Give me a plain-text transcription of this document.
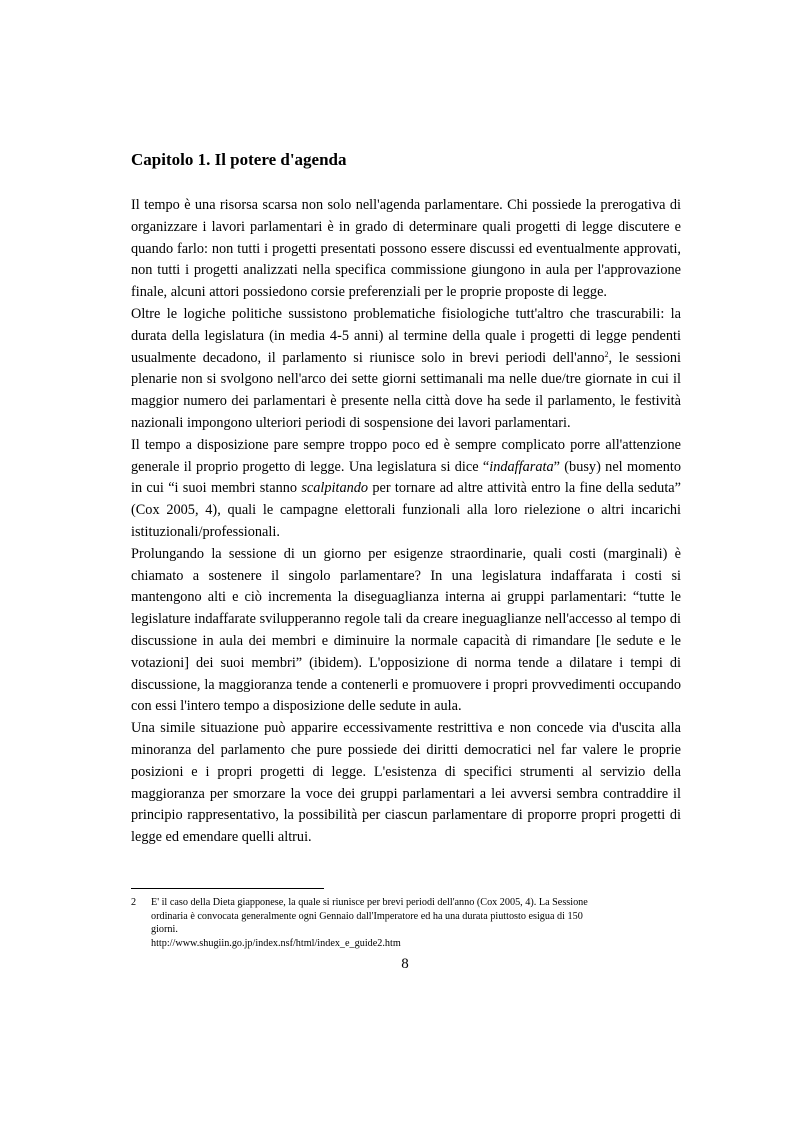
Capitolo 1. Il potere d'agenda

Il tempo è una risorsa scarsa non solo nell'agenda parlamentare. Chi possiede la prerogativa di organizzare i lavori parlamentari è in grado di determinare quali progetti di legge discutere e quando farlo: non tutti i progetti presentati possono essere discussi ed eventualmente approvati, non tutti i progetti analizzati nella specifica commissione giungono in aula per l'approvazione finale, alcuni attori possiedono corsie preferenziali per le proprie proposte di legge.

Oltre le logiche politiche sussistono problematiche fisiologiche tutt'altro che trascurabili: la durata della legislatura (in media 4-5 anni) al termine della quale i progetti di legge pendenti usualmente decadono, il parlamento si riunisce solo in brevi periodi dell'anno$^2$, le sessioni plenarie non si svolgono nell'arco dei sette giorni settimanali ma nelle due/tre giornate in cui il maggior numero dei parlamentari è presente nella città dove ha sede il parlamento, le festività nazionali impongono ulteriori periodi di sospensione dei lavori parlamentari.

Il tempo a disposizione pare sempre troppo poco ed è sempre complicato porre all'attenzione generale il proprio progetto di legge. Una legislatura si dice “indaffarata” (busy) nel momento in cui “i suoi membri stanno scalpitando per tornare ad altre attività entro la fine della seduta” (Cox 2005, 4), quali le campagne elettorali funzionali alla loro rielezione o altri incarichi istituzionali/professionali.

Prolungando la sessione di un giorno per esigenze straordinarie, quali costi (marginali) è chiamato a sostenere il singolo parlamentare? In una legislatura indaffarata i costi si mantengono alti e ciò incrementa la diseguaglianza interna ai gruppi parlamentari: “tutte le legislature indaffarate svilupperanno regole tali da creare ineguaglianze nell'accesso al tempo di discussione in aula dei membri e diminuire la normale capacità di rimandare [le sedute e le votazioni] dei suoi membri” (ibidem). L'opposizione di norma tende a dilatare i tempi di discussione, la maggioranza tende a contenerli e promuovere i propri provvedimenti occupando con essi l'intero tempo a disposizione delle sedute in aula.

Una simile situazione può apparire eccessivamente restrittiva e non concede via d'uscita alla minoranza del parlamento che pure possiede dei diritti democratici nel far valere le proprie posizioni e i propri progetti di legge. L'esistenza di specifici strumenti al servizio della maggioranza per smorzare la voce dei gruppi parlamentari a lei avversi sembra contraddire il principio rappresentativo, la possibilità per ciascun parlamentare di proporre propri progetti di legge ed emendare quelli altrui.

2 E' il caso della Dieta giapponese, la quale si riunisce per brevi periodi dell'anno (Cox 2005, 4). La Sessione
ordinaria è convocata generalmente ogni Gennaio dall'Imperatore ed ha una durata piuttosto esigua di 150
giorni.
http://www.shugiin.go.jp/index.nsf/html/index_e_guide2.htm
8
